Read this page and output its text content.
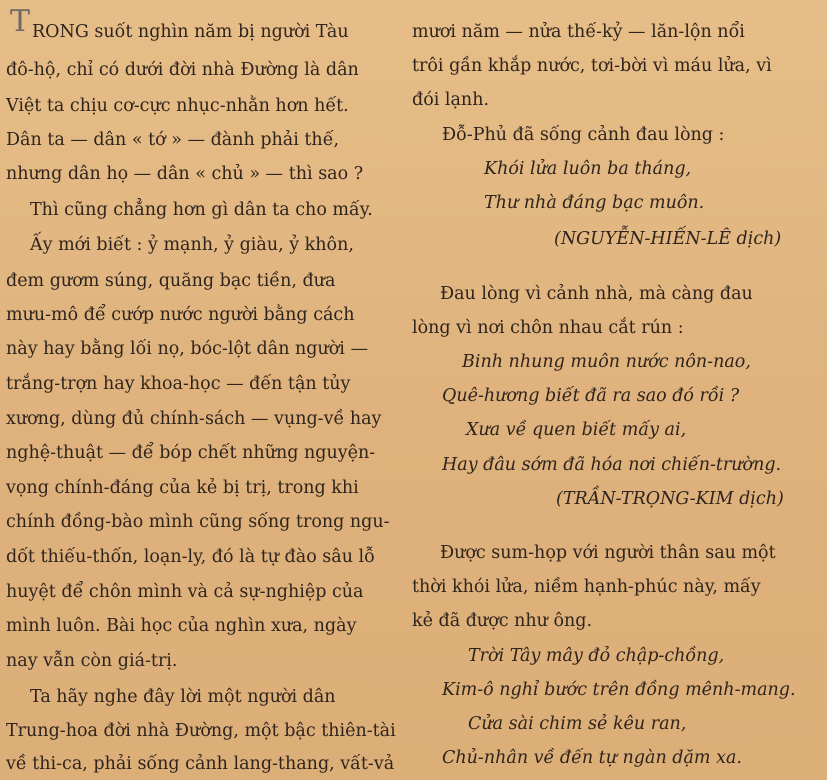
T RONG suốt nghìn năm bị người Tàu
đô-hộ, chỉ có dưới đời nhà Đường là dân
Việt ta chịu cơ-cực nhục-nhằn hơn hết.
Dân ta — dân « tớ » — đành phải thế,
nhưng dân họ — dân « chủ » — thì sao ?
Thì cũng chẳng hơn gì dân ta cho mấy.
Ấy mới biết : ỷ mạnh, ỷ giàu, ỷ khôn,
đem gươm súng, quăng bạc tiền, đưa
mưu-mô để cướp nước người bằng cách
này hay bằng lối nọ, bóc-lột dân người —
trắng-trợn hay khoa-học — đến tận tủy
xương, dùng đủ chính-sách — vụng-về hay
nghệ-thuật — để bóp chết những nguyện-
vọng chính-đáng của kẻ bị trị, trong khi
chính đồng-bào mình cũng sống trong ngu-
dốt thiếu-thốn, loạn-ly, đó là tự đào sâu lỗ
huyệt để chôn mình và cả sự-nghiệp của
mình luôn. Bài học của nghìn xưa, ngày
nay vẫn còn giá-trị.
Ta hãy nghe đây lời một người dân
Trung-hoa đời nhà Đường, một bậc thiên-tài
về thi-ca, phải sống cảnh lang-thang, vất-vả
mươi năm — nửa thế-kỷ — lăn-lộn nổi
trôi gần khắp nước, tơi-bời vì máu lửa, vì
đói lạnh.
Đỗ-Phủ đã sống cảnh đau lòng :
Khói lửa luôn ba tháng,
Thư nhà đáng bạc muôn.
(NGUYỄN-HIẾN-LÊ dịch)
Đau lòng vì cảnh nhà, mà càng đau
lòng vì nơi chôn nhau cắt rún :
Binh nhung muôn nước nôn-nao,
Quê-hương biết đã ra sao đó rồi ?
Xưa về quen biết mấy ai,
Hay đâu sớm đã hóa nơi chiến-trường.
(TRẦN-TRỌNG-KIM dịch)
Được sum-họp với người thân sau một
thời khói lửa, niềm hạnh-phúc này, mấy
kẻ đã được như ông.
Trời Tây mây đỏ chập-chồng,
Kim-ô nghỉ bước trên đồng mênh-mang.
Cửa sài chim sẻ kêu ran,
Chủ-nhân về đến tự ngàn dặm xa.
